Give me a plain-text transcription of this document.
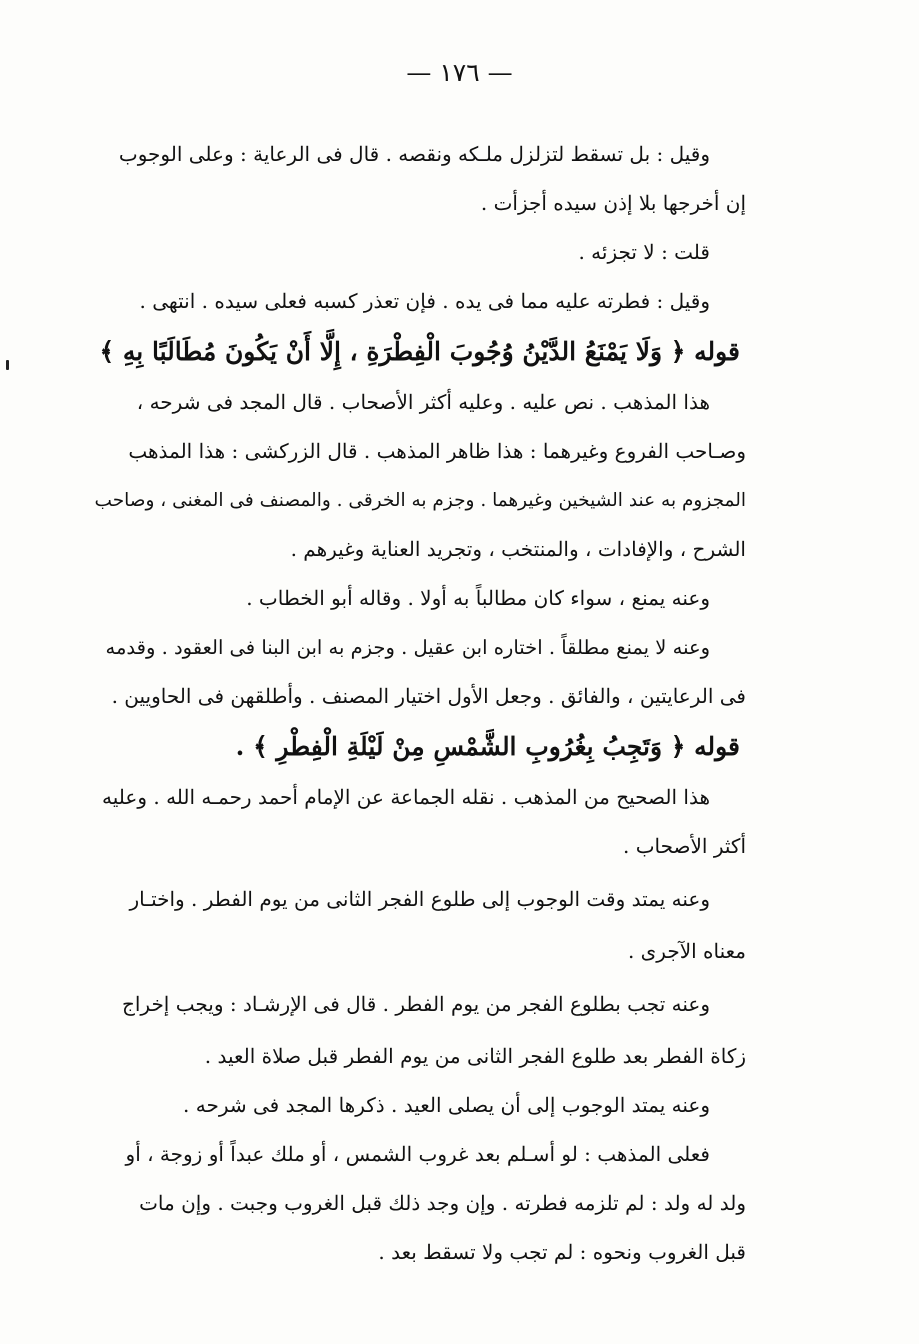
— ١٧٦ —
وقيل : بل تسقط لتزلزل ملـكه ونقصه . قال فى الرعاية : وعلى الوجوب
إن أخرجها بلا إذن سيده أجزأت .
قلت : لا تجزئه .
وقيل : فطرته عليه مما فى يده . فإن تعذر كسبه فعلى سيده . انتهى .
قوله ﴿ وَلَا يَمْنَعُ الدَّيْنُ وُجُوبَ الْفِطْرَةِ ، إِلَّا أَنْ يَكُونَ مُطَالَبًا بِهِ ﴾
هذا المذهب . نص عليه . وعليه أكثر الأصحاب . قال المجد فى شرحه ،
وصـاحب الفروع وغيرهما : هذا ظاهر المذهب . قال الزركشى : هذا المذهب
المجزوم به عند الشيخين وغيرهما . وجزم به الخرقى . والمصنف فى المغنى ، وصاحب
الشرح ، والإفادات ، والمنتخب ، وتجريد العناية وغيرهم .
وعنه يمنع ، سواء كان مطالباً به أولا . وقاله أبو الخطاب .
وعنه لا يمنع مطلقاً . اختاره ابن عقيل . وجزم به ابن البنا فى العقود . وقدمه
فى الرعايتين ، والفائق . وجعل الأول اختيار المصنف . وأطلقهن فى الحاويين .
قوله ﴿ وَتَجِبُ بِغُرُوبِ الشَّمْسِ مِنْ لَيْلَةِ الْفِطْرِ ﴾ .
هذا الصحيح من المذهب . نقله الجماعة عن الإمام أحمد رحمـه الله . وعليه
أكثر الأصحاب .
وعنه يمتد وقت الوجوب إلى طلوع الفجر الثانى من يوم الفطر . واختـار
معناه الآجرى .
وعنه تجب بطلوع الفجر من يوم الفطر . قال فى الإرشـاد : ويجب إخراج
زكاة الفطر بعد طلوع الفجر الثانى من يوم الفطر قبل صلاة العيد .
وعنه يمتد الوجوب إلى أن يصلى العيد . ذكرها المجد فى شرحه .
فعلى المذهب : لو أسـلم بعد غروب الشمس ، أو ملك عبداً أو زوجة ، أو
ولد له ولد : لم تلزمه فطرته . وإن وجد ذلك قبل الغروب وجبت . وإن مات
قبل الغروب ونحوه : لم تجب ولا تسقط بعد .
